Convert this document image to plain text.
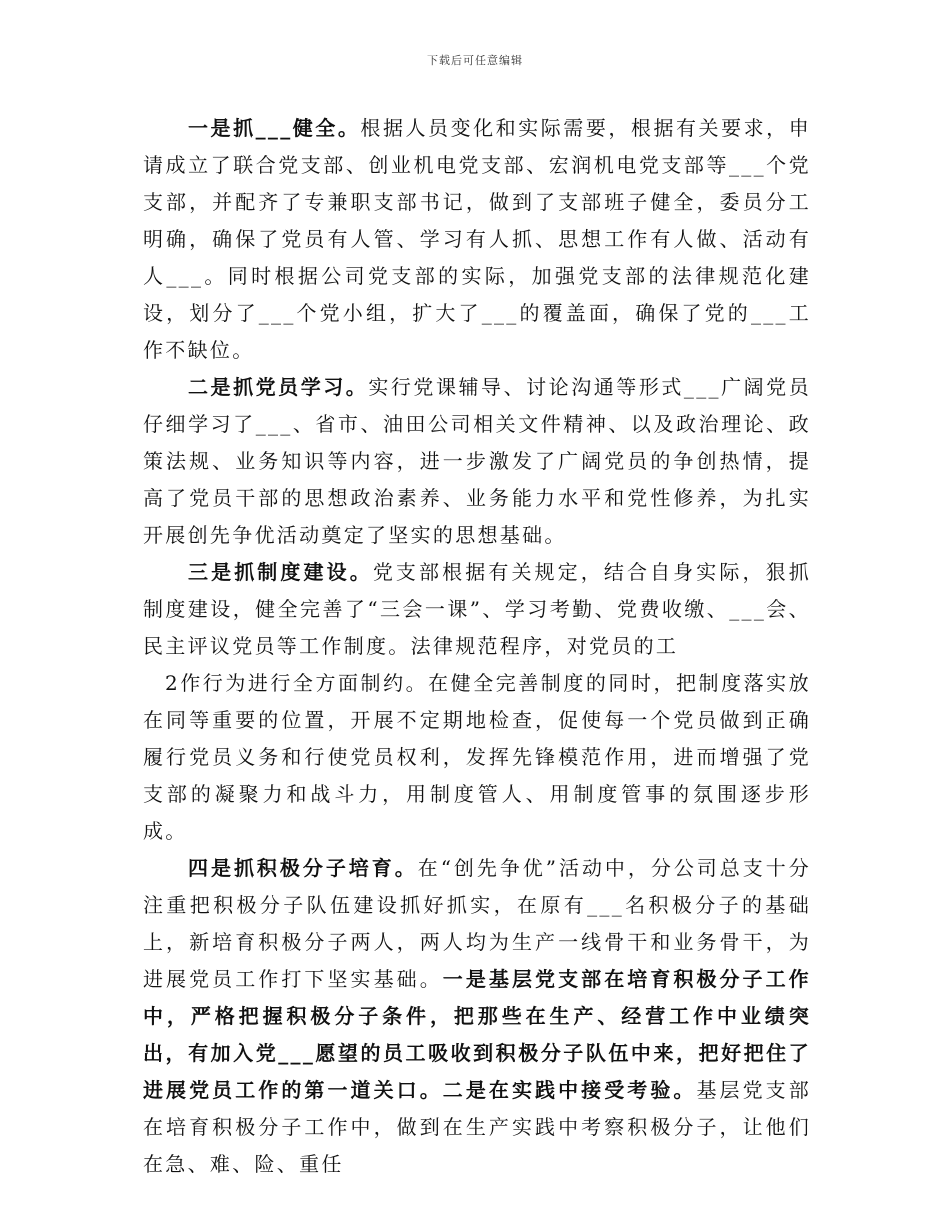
下载后可任意编辑

一是抓___健全。根据人员变化和实际需要，根据有关要求，申请成立了联合党支部、创业机电党支部、宏润机电党支部等___个党支部，并配齐了专兼职支部书记，做到了支部班子健全，委员分工明确，确保了党员有人管、学习有人抓、思想工作有人做、活动有人___。同时根据公司党支部的实际，加强党支部的法律规范化建设，划分了___个党小组，扩大了___的覆盖面，确保了党的___工作不缺位。

二是抓党员学习。实行党课辅导、讨论沟通等形式___广阔党员仔细学习了___、省市、油田公司相关文件精神、以及政治理论、政策法规、业务知识等内容，进一步激发了广阔党员的争创热情，提高了党员干部的思想政治素养、业务能力水平和党性修养，为扎实开展创先争优活动奠定了坚实的思想基础。

三是抓制度建设。党支部根据有关规定，结合自身实际，狠抓制度建设，健全完善了“三会一课”、学习考勤、党费收缴、___会、民主评议党员等工作制度。法律规范程序，对党员的工

2作行为进行全方面制约。在健全完善制度的同时，把制度落实放在同等重要的位置，开展不定期地检查，促使每一个党员做到正确履行党员义务和行使党员权利，发挥先锋模范作用，进而增强了党支部的凝聚力和战斗力，用制度管人、用制度管事的氛围逐步形成。

四是抓积极分子培育。在“创先争优”活动中，分公司总支十分注重把积极分子队伍建设抓好抓实，在原有___名积极分子的基础上，新培育积极分子两人，两人均为生产一线骨干和业务骨干，为进展党员工作打下坚实基础。一是基层党支部在培育积极分子工作中，严格把握积极分子条件，把那些在生产、经营工作中业绩突出，有加入党___愿望的员工吸收到积极分子队伍中来，把好把住了进展党员工作的第一道关口。二是在实践中接受考验。基层党支部在培育积极分子工作中，做到在生产实践中考察积极分子，让他们在急、难、险、重任
